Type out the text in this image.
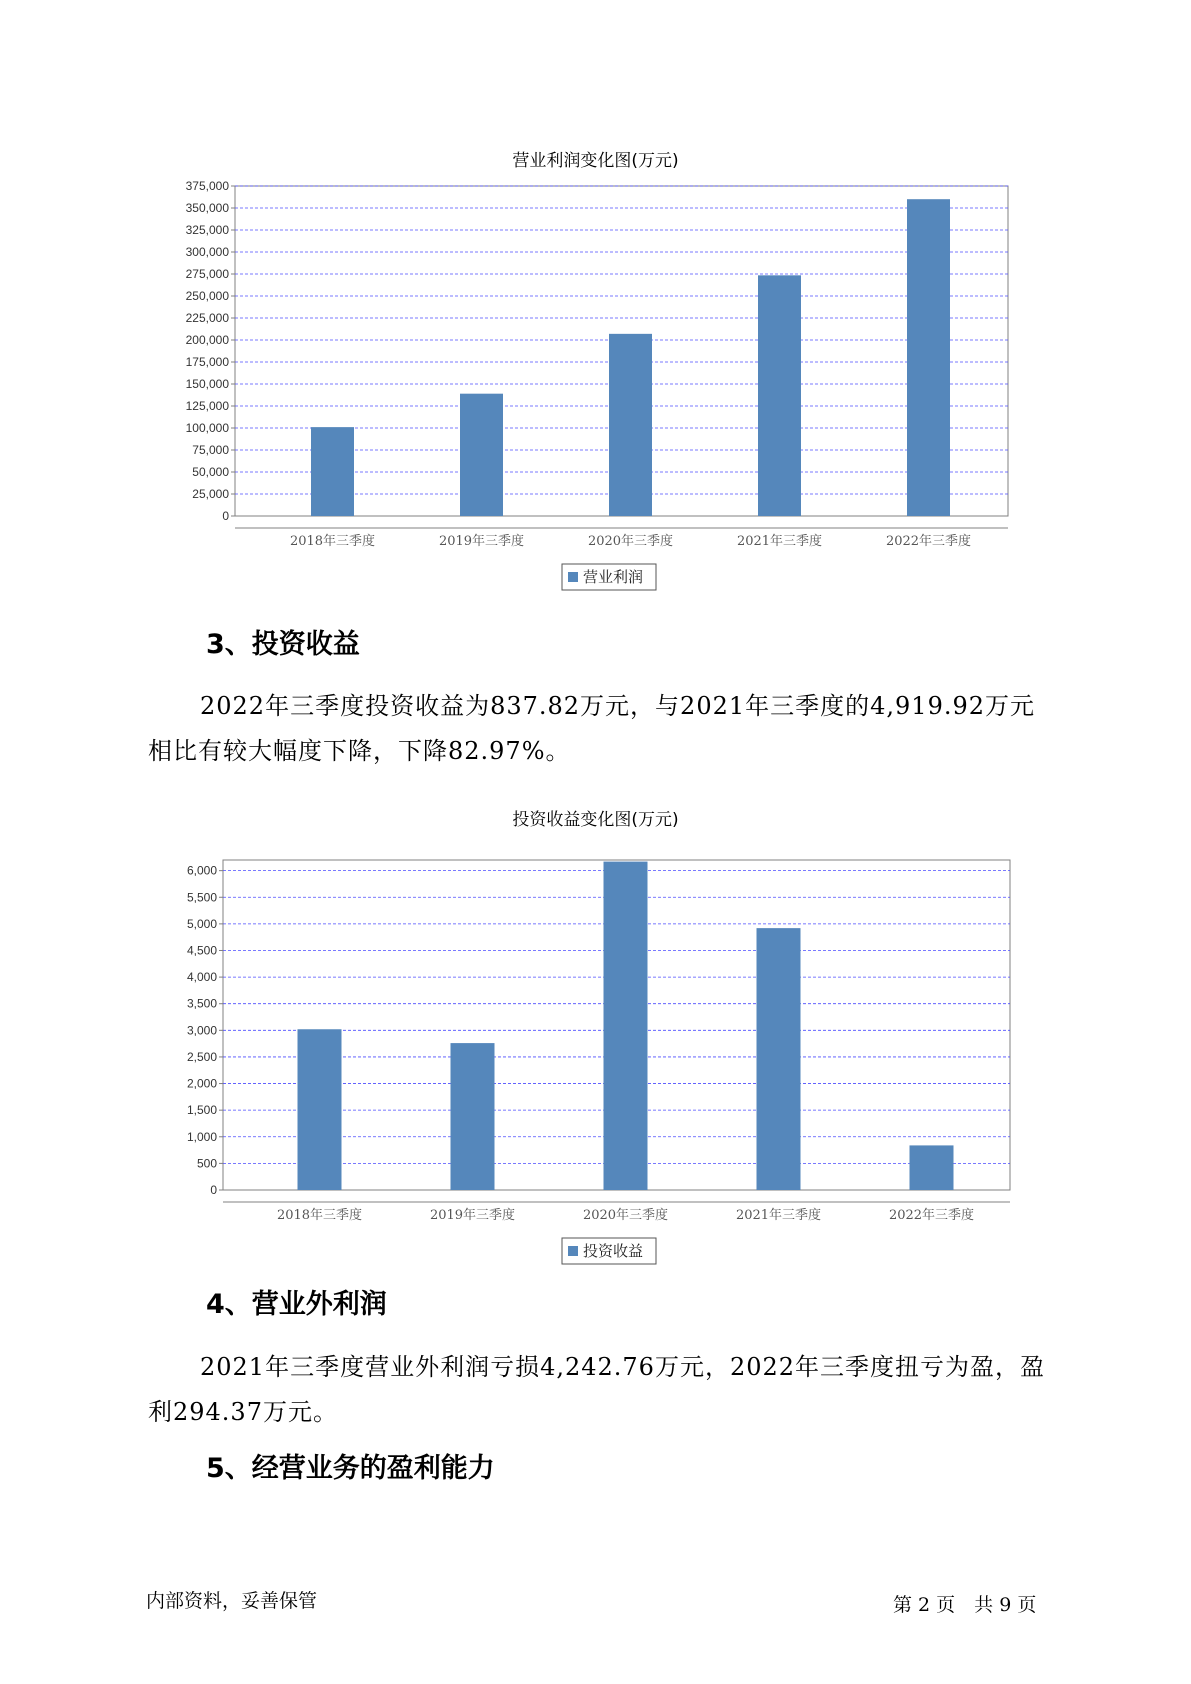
营业利润变化图(万元)
0
25,000
50,000
75,000
100,000
125,000
150,000
175,000
200,000
225,000
250,000
275,000
300,000
325,000
350,000
375,000
2018年三季度	2019年三季度	2020年三季度	2021年三季度	2022年三季度
营业利润
3、投资收益

2022年三季度投资收益为837.82万元，与2021年三季度的4,919.92万元相比有较大幅度下降，下降82.97%。

投资收益变化图(万元)
0
500
1,000
1,500
2,000
2,500
3,000
3,500
4,000
4,500
5,000
5,500
6,000
2018年三季度	2019年三季度	2020年三季度	2021年三季度	2022年三季度
投资收益
4、营业外利润

2021年三季度营业外利润亏损4,242.76万元，2022年三季度扭亏为盈，盈利294.37万元。

5、经营业务的盈利能力
内部资料，妥善保管	第 2 页　共 9 页
